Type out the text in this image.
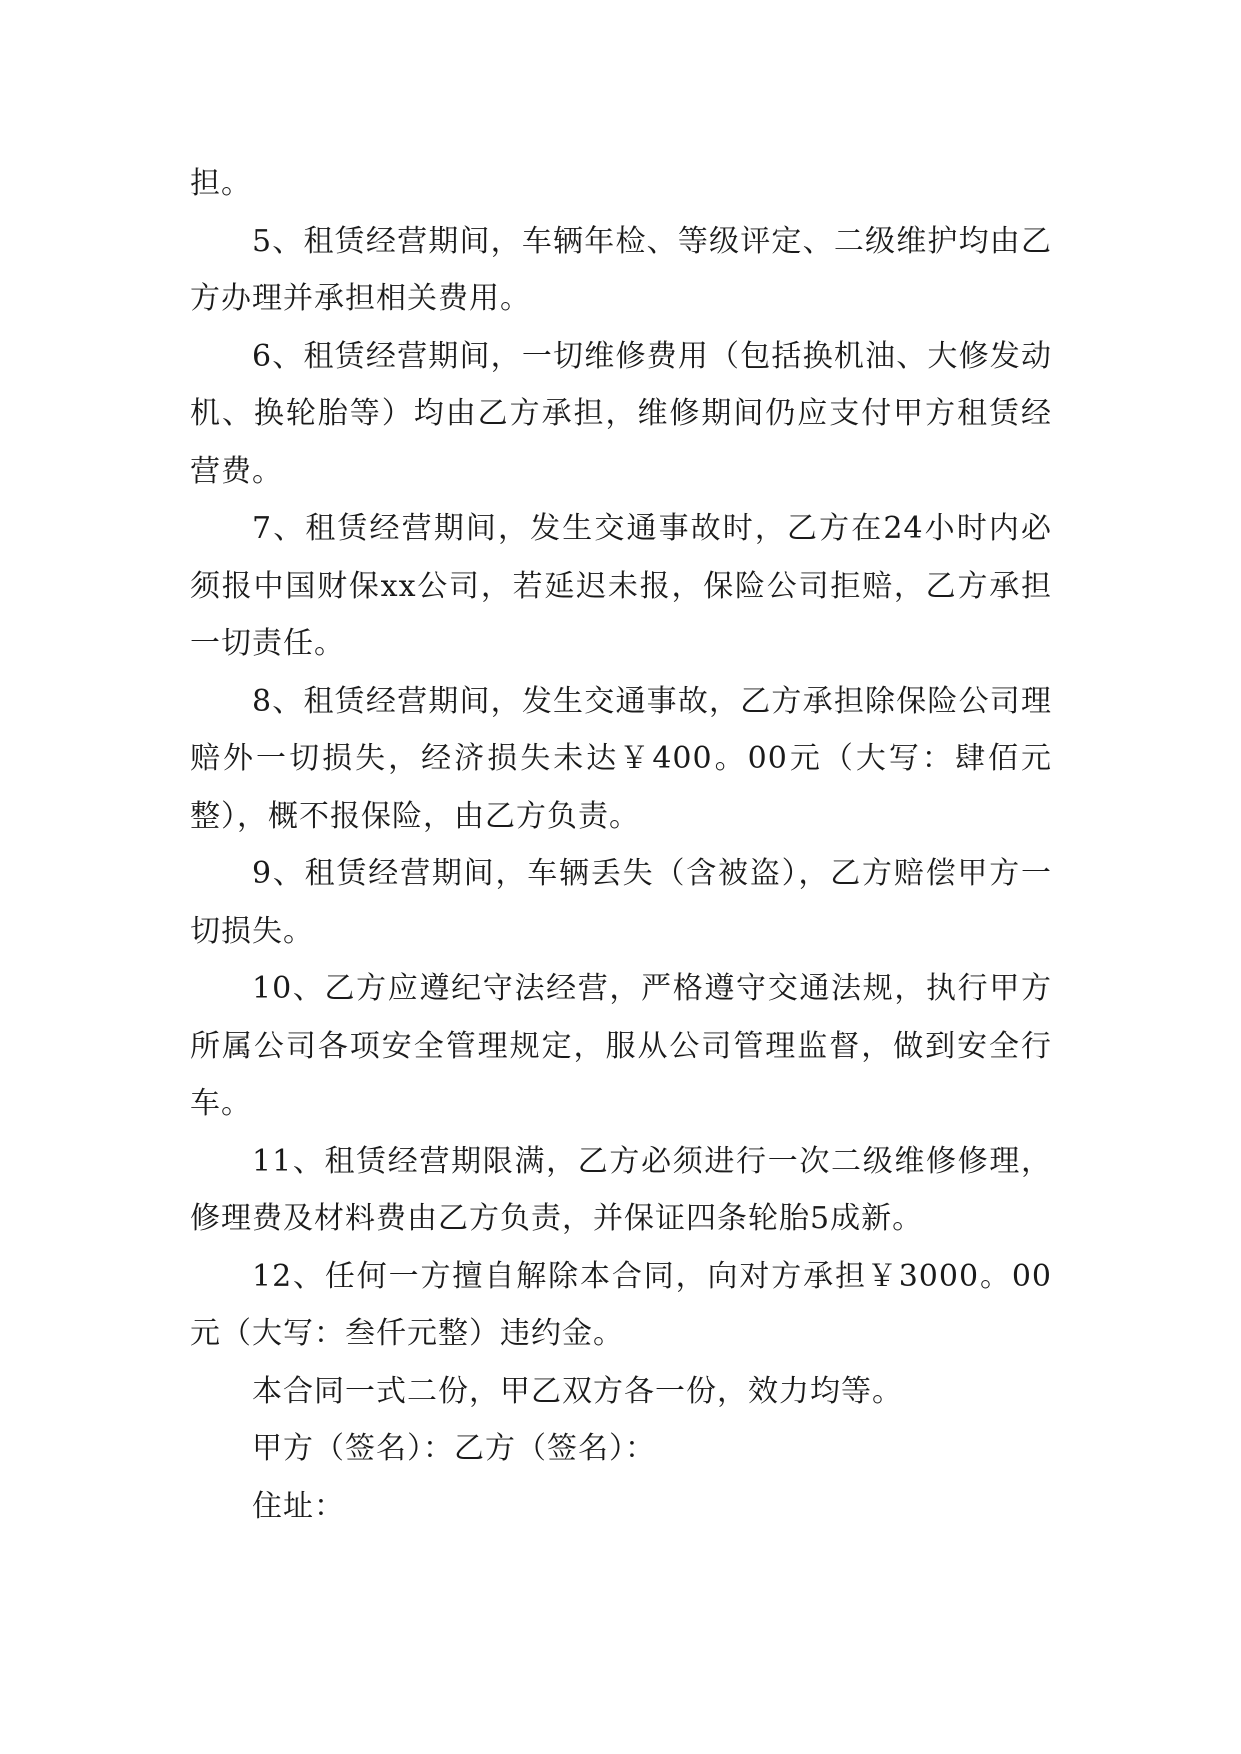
担。

5、租赁经营期间，车辆年检、等级评定、二级维护均由乙方办理并承担相关费用。

6、租赁经营期间，一切维修费用（包括换机油、大修发动机、换轮胎等）均由乙方承担，维修期间仍应支付甲方租赁经营费。

7、租赁经营期间，发生交通事故时，乙方在24小时内必须报中国财保xx公司，若延迟未报，保险公司拒赔，乙方承担一切责任。

8、租赁经营期间，发生交通事故，乙方承担除保险公司理赔外一切损失，经济损失未达￥400。00元（大写：肆佰元整），概不报保险，由乙方负责。

9、租赁经营期间，车辆丢失（含被盗），乙方赔偿甲方一切损失。

10、乙方应遵纪守法经营，严格遵守交通法规，执行甲方所属公司各项安全管理规定，服从公司管理监督，做到安全行车。

11、租赁经营期限满，乙方必须进行一次二级维修修理，修理费及材料费由乙方负责，并保证四条轮胎5成新。

12、任何一方擅自解除本合同，向对方承担￥3000。00元（大写：叁仟元整）违约金。

本合同一式二份，甲乙双方各一份，效力均等。

甲方（签名）：乙方（签名）：

住址：
